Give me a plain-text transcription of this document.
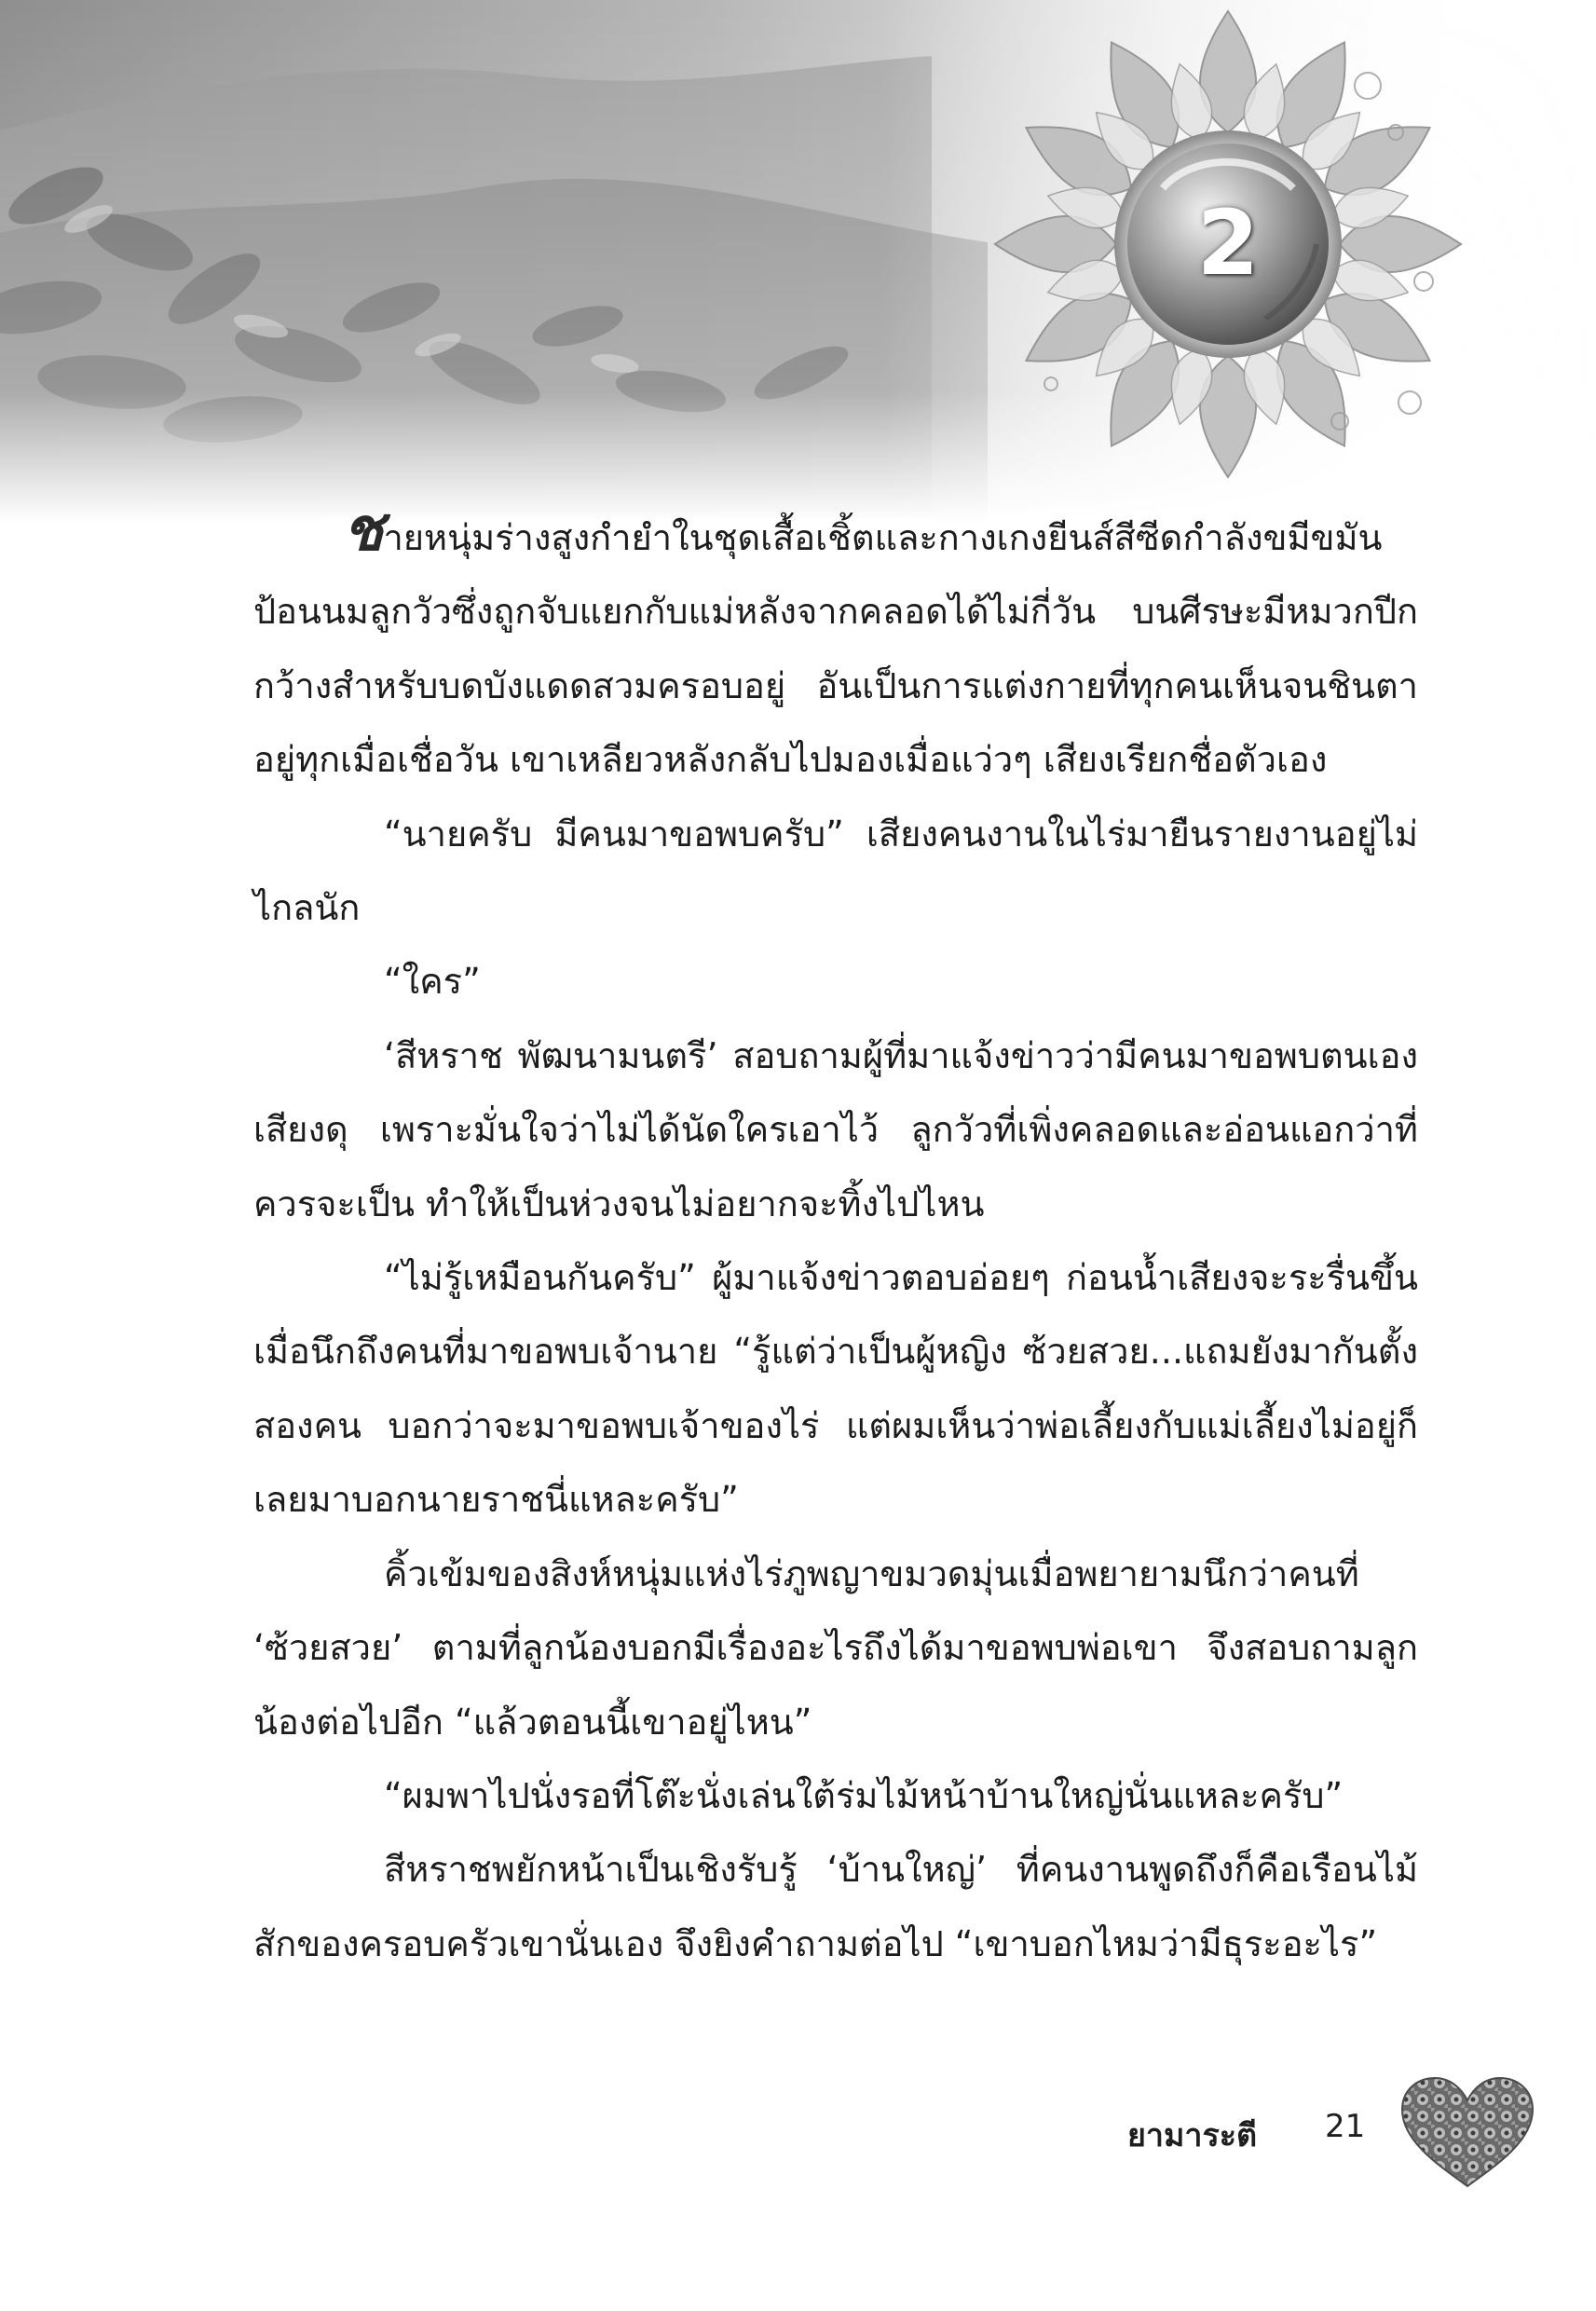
2

ชายหนุ่มร่างสูงกำยำในชุดเสื้อเชิ้ตและกางเกงยีนส์สีซีดกำลังขมีขมันป้อนนมลูกวัวซึ่งถูกจับแยกกับแม่หลังจากคลอดได้ไม่กี่วัน บนศีรษะมีหมวกปีกกว้างสำหรับบดบังแดดสวมครอบอยู่ อันเป็นการแต่งกายที่ทุกคนเห็นจนชินตาอยู่ทุกเมื่อเชื่อวัน เขาเหลียวหลังกลับไปมองเมื่อแว่วๆ เสียงเรียกชื่อตัวเอง

“นายครับ มีคนมาขอพบครับ” เสียงคนงานในไร่มายืนรายงานอยู่ไม่ไกลนัก

“ใคร”

‘สีหราช พัฒนามนตรี’ สอบถามผู้ที่มาแจ้งข่าวว่ามีคนมาขอพบตนเองเสียงดุ เพราะมั่นใจว่าไม่ได้นัดใครเอาไว้ ลูกวัวที่เพิ่งคลอดและอ่อนแอกว่าที่ควรจะเป็น ทำให้เป็นห่วงจนไม่อยากจะทิ้งไปไหน

“ไม่รู้เหมือนกันครับ” ผู้มาแจ้งข่าวตอบอ่อยๆ ก่อนน้ำเสียงจะระรื่นขึ้นเมื่อนึกถึงคนที่มาขอพบเจ้านาย “รู้แต่ว่าเป็นผู้หญิง ซ้วยสวย...แถมยังมากันตั้งสองคน บอกว่าจะมาขอพบเจ้าของไร่ แต่ผมเห็นว่าพ่อเลี้ยงกับแม่เลี้ยงไม่อยู่ก็เลยมาบอกนายราชนี่แหละครับ”

คิ้วเข้มของสิงห์หนุ่มแห่งไร่ภูพญาขมวดมุ่นเมื่อพยายามนึกว่าคนที่ ‘ซ้วยสวย’ ตามที่ลูกน้องบอกมีเรื่องอะไรถึงได้มาขอพบพ่อเขา จึงสอบถามลูกน้องต่อไปอีก “แล้วตอนนี้เขาอยู่ไหน”

“ผมพาไปนั่งรอที่โต๊ะนั่งเล่นใต้ร่มไม้หน้าบ้านใหญ่นั่นแหละครับ”

สีหราชพยักหน้าเป็นเชิงรับรู้ ‘บ้านใหญ่’ ที่คนงานพูดถึงก็คือเรือนไม้สักของครอบครัวเขานั่นเอง จึงยิงคำถามต่อไป “เขาบอกไหมว่ามีธุระอะไร”

ยามาระตี 21
